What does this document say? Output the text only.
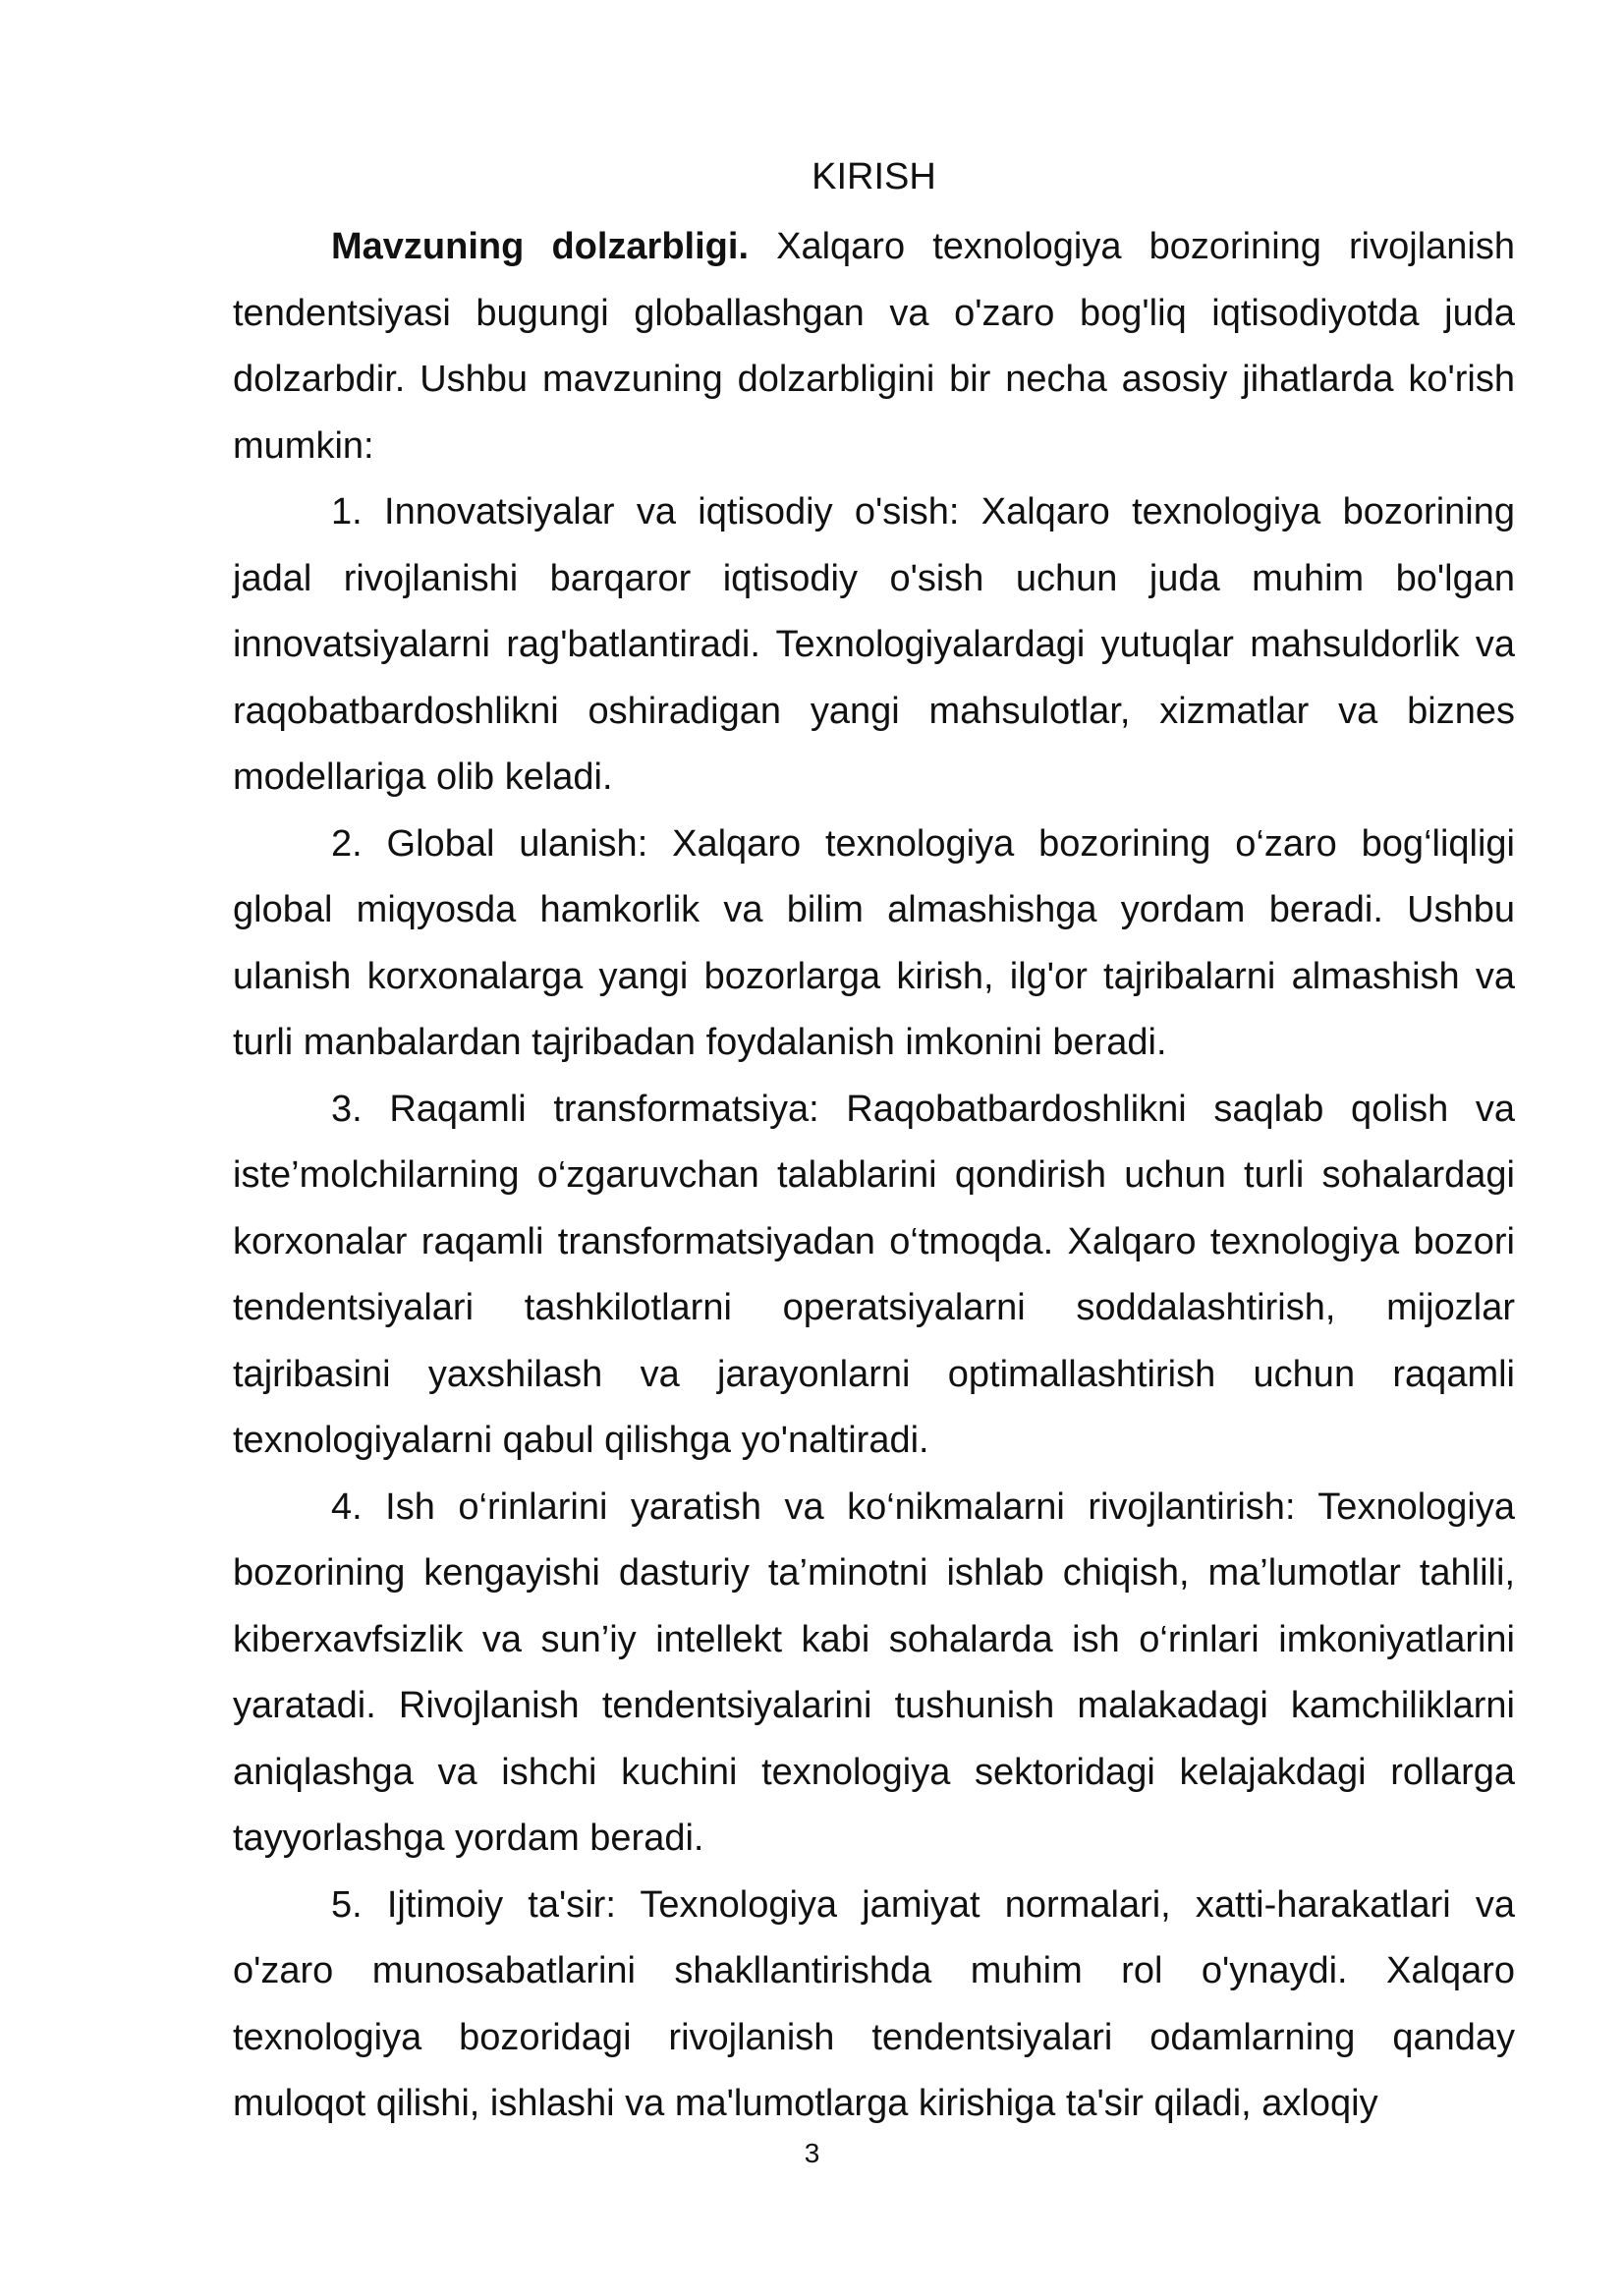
KIRISH

Mavzuning dolzarbligi. Xalqaro texnologiya bozorining rivojlanish tendentsiyasi bugungi globallashgan va o'zaro bog'liq iqtisodiyotda juda dolzarbdir. Ushbu mavzuning dolzarbligini bir necha asosiy jihatlarda ko'rish mumkin:

1. Innovatsiyalar va iqtisodiy o'sish: Xalqaro texnologiya bozorining jadal rivojlanishi barqaror iqtisodiy o'sish uchun juda muhim bo'lgan innovatsiyalarni rag'batlantiradi. Texnologiyalardagi yutuqlar mahsuldorlik va raqobatbardoshlikni oshiradigan yangi mahsulotlar, xizmatlar va biznes modellariga olib keladi.

2. Global ulanish: Xalqaro texnologiya bozorining o‘zaro bog‘liqligi global miqyosda hamkorlik va bilim almashishga yordam beradi. Ushbu ulanish korxonalarga yangi bozorlarga kirish, ilg'or tajribalarni almashish va turli manbalardan tajribadan foydalanish imkonini beradi.

3. Raqamli transformatsiya: Raqobatbardoshlikni saqlab qolish va iste’molchilarning o‘zgaruvchan talablarini qondirish uchun turli sohalardagi korxonalar raqamli transformatsiyadan o‘tmoqda. Xalqaro texnologiya bozori tendentsiyalari tashkilotlarni operatsiyalarni soddalashtirish, mijozlar tajribasini yaxshilash va jarayonlarni optimallashtirish uchun raqamli texnologiyalarni qabul qilishga yo'naltiradi.

4. Ish o‘rinlarini yaratish va ko‘nikmalarni rivojlantirish: Texnologiya bozorining kengayishi dasturiy ta’minotni ishlab chiqish, ma’lumotlar tahlili, kiberxavfsizlik va sun’iy intellekt kabi sohalarda ish o‘rinlari imkoniyatlarini yaratadi. Rivojlanish tendentsiyalarini tushunish malakadagi kamchiliklarni aniqlashga va ishchi kuchini texnologiya sektoridagi kelajakdagi rollarga tayyorlashga yordam beradi.

5. Ijtimoiy ta'sir: Texnologiya jamiyat normalari, xatti-harakatlari va o'zaro munosabatlarini shakllantirishda muhim rol o'ynaydi. Xalqaro texnologiya bozoridagi rivojlanish tendentsiyalari odamlarning qanday muloqot qilishi, ishlashi va ma'lumotlarga kirishiga ta'sir qiladi, axloqiy

3
